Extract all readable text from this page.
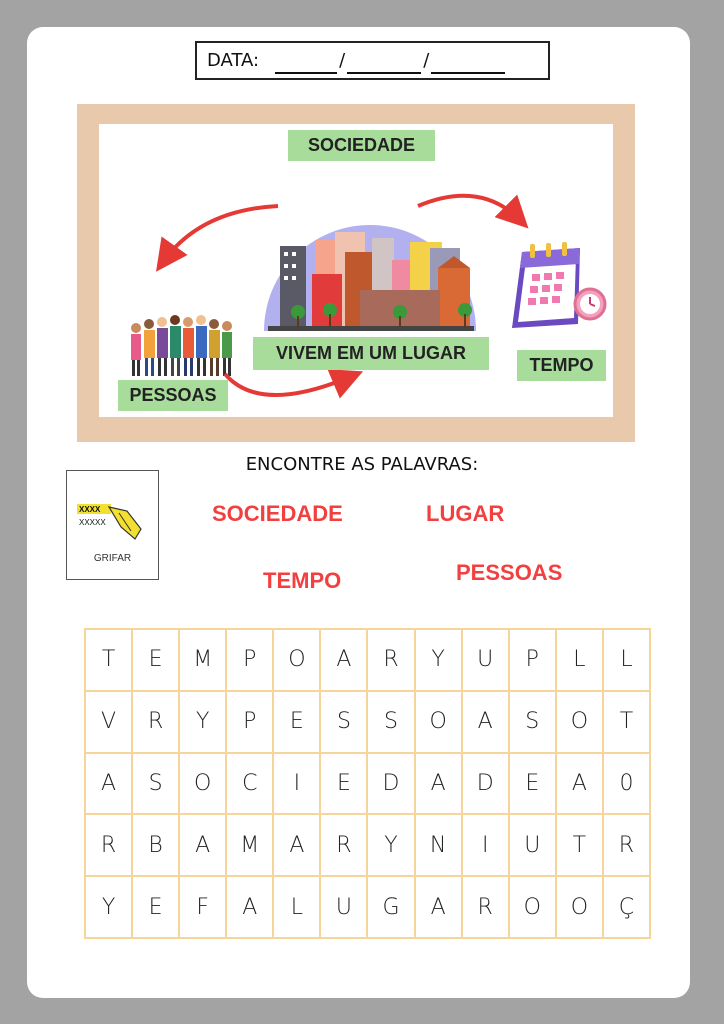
DATA:	/	/
SOCIEDADE
PESSOAS
VIVEM EM UM LUGAR
TEMPO
ENCONTRE AS PALAVRAS:
XXXX
XXXXX
GRIFAR
SOCIEDADE	LUGAR
TEMPO	PESSOAS
T	E	M	P	O	A	R	Y	U	P	L	L
V	R	Y	P	E	S	S	O	A	S	O	T
A	S	O	C	I	E	D	A	D	E	A	0
R	B	A	M	A	R	Y	N	I	U	T	R
Y	E	F	A	L	U	G	A	R	O	O	Ç
